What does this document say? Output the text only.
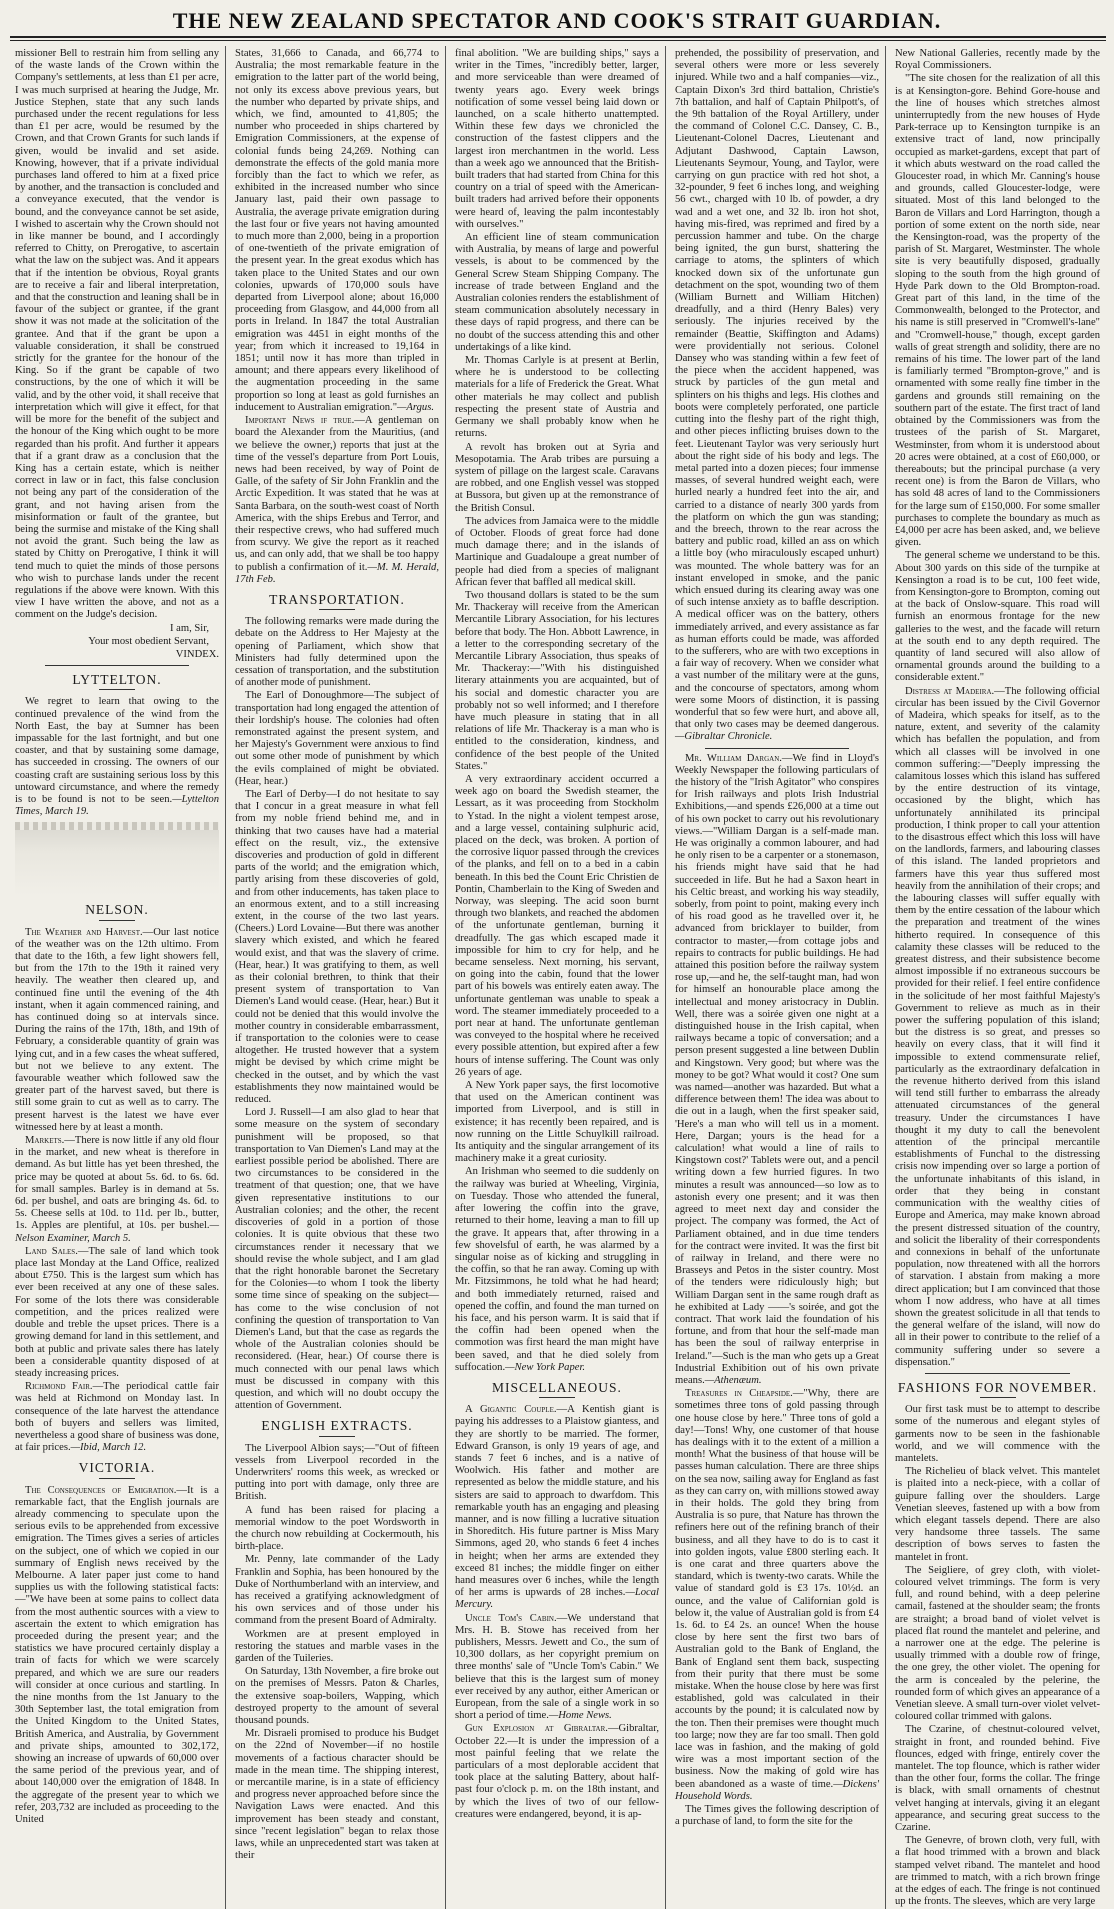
THE NEW ZEALAND SPECTATOR AND COOK'S STRAIT GUARDIAN.

missioner Bell to restrain him from selling any of the waste lands of the Crown within the Company's settlements, at less than £1 per acre, I was much surprised at hearing the Judge, Mr. Justice Stephen, state that any such lands purchased under the recent regulations for less than £1 per acre, would be resumed by the Crown, and that Crown Grants for such lands if given, would be invalid and set aside. Knowing, however, that if a private individual purchases land offered to him at a fixed price by another, and the transaction is concluded and a conveyance executed, that the vendor is bound, and the conveyance cannot be set aside, I wished to ascertain why the Crown should not in like manner be bound, and I accordingly referred to Chitty, on Prerogative, to ascertain what the law on the subject was. And it appears that if the intention be obvious, Royal grants are to receive a fair and liberal interpretation, and that the construction and leaning shall be in favour of the subject or grantee, if the grant show it was not made at the solicitation of the grantee. And that if the grant be upon a valuable consideration, it shall be construed strictly for the grantee for the honour of the King. So if the grant be capable of two constructions, by the one of which it will be valid, and by the other void, it shall receive that interpretation which will give it effect, for that will be more for the benefit of the subject and the honour of the King which ought to be more regarded than his profit. And further it appears that if a grant draw as a conclusion that the King has a certain estate, which is neither correct in law or in fact, this false conclusion not being any part of the consideration of the grant, and not having arisen from the misinformation or fault of the grantee, but being the surmise and mistake of the King shall not avoid the grant. Such being the law as stated by Chitty on Prerogative, I think it will tend much to quiet the minds of those persons who wish to purchase lands under the recent regulations if the above were known. With this view I have written the above, and not as a comment on the Judge's decision.

I am, Sir,

Your most obedient Servant,

VINDEX.

LYTTELTON.

We regret to learn that owing to the continued prevalence of the wind from the North East, the bay at Sumner has been impassable for the last fortnight, and but one coaster, and that by sustaining some damage, has succeeded in crossing. The owners of our coasting craft are sustaining serious loss by this untoward circumstance, and where the remedy is to be found is not to be seen.—Lyttelton Times, March 19.

NELSON.

The Weather and Harvest.—Our last notice of the weather was on the 12th ultimo. From that date to the 16th, a few light showers fell, but from the 17th to the 19th it rained very heavily. The weather then cleared up, and continued fine until the evening of the 4th instant, when it again commenced raining, and has continued doing so at intervals since. During the rains of the 17th, 18th, and 19th of February, a considerable quantity of grain was lying cut, and in a few cases the wheat suffered, but not we believe to any extent. The favourable weather which followed saw the greater part of the harvest saved, but there is still some grain to cut as well as to carry. The present harvest is the latest we have ever witnessed here by at least a month.

Markets.—There is now little if any old flour in the market, and new wheat is therefore in demand. As but little has yet been threshed, the price may be quoted at about 5s. 6d. to 6s. 6d. for small samples. Barley is in demand at 5s. 6d. per bushel, and oats are bringing 4s. 6d. to 5s. Cheese sells at 10d. to 11d. per lb., butter, 1s. Apples are plentiful, at 10s. per bushel.—Nelson Examiner, March 5.

Land Sales.—The sale of land which took place last Monday at the Land Office, realized about £750. This is the largest sum which has ever been received at any one of these sales. For some of the lots there was considerable competition, and the prices realized were double and treble the upset prices. There is a growing demand for land in this settlement, and both at public and private sales there has lately been a considerable quantity disposed of at steady increasing prices.

Richmond Fair.—The periodical cattle fair was held at Richmond on Monday last. In consequence of the late harvest the attendance both of buyers and sellers was limited, nevertheless a good share of business was done, at fair prices.—Ibid, March 12.

VICTORIA.

The Consequences of Emigration.—It is a remarkable fact, that the English journals are already commencing to speculate upon the serious evils to be apprehended from excessive emigration. The Times gives a series of articles on the subject, one of which we copied in our summary of English news received by the Melbourne. A later paper just come to hand supplies us with the following statistical facts:—"We have been at some pains to collect data from the most authentic sources with a view to ascertain the extent to which emigration has proceeded during the present year; and the statistics we have procured certainly display a train of facts for which we were scarcely prepared, and which we are sure our readers will consider at once curious and startling. In the nine months from the 1st January to the 30th September last, the total emigration from the United Kingdom to the United States, British America, and Australia, by Government and private ships, amounted to 302,172, showing an increase of upwards of 60,000 over the same period of the previous year, and of about 140,000 over the emigration of 1848. In the aggregate of the present year to which we refer, 203,732 are included as proceeding to the United

States, 31,666 to Canada, and 66,774 to Australia; the most remarkable feature in the emigration to the latter part of the world being, not only its excess above previous years, but the number who departed by private ships, and which, we find, amounted to 41,805; the number who proceeded in ships chartered by Emigration Commissioners, at the expense of colonial funds being 24,269. Nothing can demonstrate the effects of the gold mania more forcibly than the fact to which we refer, as exhibited in the increased number who since January last, paid their own passage to Australia, the average private emigration during the last four or five years not having amounted to much more than 2,000, being in a proportion of one-twentieth of the private emigration of the present year. In the great exodus which has taken place to the United States and our own colonies, upwards of 170,000 souls have departed from Liverpool alone; about 16,000 proceeding from Glasgow, and 44,000 from all ports in Ireland. In 1847 the total Australian emigration was 4451 in eight months of the year; from which it increased to 19,164 in 1851; until now it has more than tripled in amount; and there appears every likelihood of the augmentation proceeding in the same proportion so long at least as gold furnishes an inducement to Australian emigration."—Argus.

Important News if true.—A gentleman on board the Alexander from the Mauritius, (and we believe the owner,) reports that just at the time of the vessel's departure from Port Louis, news had been received, by way of Point de Galle, of the safety of Sir John Franklin and the Arctic Expedition. It was stated that he was at Santa Barbara, on the south-west coast of North America, with the ships Erebus and Terror, and their respective crews, who had suffered much from scurvy. We give the report as it reached us, and can only add, that we shall be too happy to publish a confirmation of it.—M. M. Herald, 17th Feb.

TRANSPORTATION.

The following remarks were made during the debate on the Address to Her Majesty at the opening of Parliament, which show that Ministers had fully determined upon the cessation of transportation, and the substitution of another mode of punishment.

The Earl of Donoughmore—The subject of transportation had long engaged the attention of their lordship's house. The colonies had often remonstrated against the present system, and her Majesty's Government were anxious to find out some other mode of punishment by which the evils complained of might be obviated. (Hear, hear.)

The Earl of Derby—I do not hesitate to say that I concur in a great measure in what fell from my noble friend behind me, and in thinking that two causes have had a material effect on the result, viz., the extensive discoveries and production of gold in different parts of the world; and the emigration which, partly arising from these discoveries of gold, and from other inducements, has taken place to an enormous extent, and to a still increasing extent, in the course of the two last years. (Cheers.) Lord Lovaine—But there was another slavery which existed, and which he feared would exist, and that was the slavery of crime. (Hear, hear.) It was gratifying to them, as well as their colonial brethren, to think that their present system of transportation to Van Diemen's Land would cease. (Hear, hear.) But it could not be denied that this would involve the mother country in considerable embarrassment, if transportation to the colonies were to cease altogether. He trusted however that a system might be devised by which crime might be checked in the outset, and by which the vast establishments they now maintained would be reduced.

Lord J. Russell—I am also glad to hear that some measure on the system of secondary punishment will be proposed, so that transportation to Van Diemen's Land may at the earliest possible period be abolished. There are two circumstances to be considered in the treatment of that question; one, that we have given representative institutions to our Australian colonies; and the other, the recent discoveries of gold in a portion of those colonies. It is quite obvious that these two circumstances render it necessary that we should revise the whole subject, and I am glad that the right honorable baronet the Secretary for the Colonies—to whom I took the liberty some time since of speaking on the subject—has come to the wise conclusion of not confining the question of transportation to Van Diemen's Land, but that the case as regards the whole of the Australian colonies should be reconsidered. (Hear, hear.) Of course there is much connected with our penal laws which must be discussed in company with this question, and which will no doubt occupy the attention of Government.

ENGLISH EXTRACTS.

The Liverpool Albion says;—"Out of fifteen vessels from Liverpool recorded in the Underwriters' rooms this week, as wrecked or putting into port with damage, only three are British.

A fund has been raised for placing a memorial window to the poet Wordsworth in the church now rebuilding at Cockermouth, his birth-place.

Mr. Penny, late commander of the Lady Franklin and Sophia, has been honoured by the Duke of Northumberland with an interview, and has received a gratifying acknowledgment of his own services and of those under his command from the present Board of Admiralty.

Workmen are at present employed in restoring the statues and marble vases in the garden of the Tuileries.

On Saturday, 13th November, a fire broke out on the premises of Messrs. Paton & Charles, the extensive soap-boilers, Wapping, which destroyed property to the amount of several thousand pounds.

Mr. Disraeli promised to produce his Budget on the 22nd of November—if no hostile movements of a factious character should be made in the mean time. The shipping interest, or mercantile marine, is in a state of efficiency and progress never approached before since the Navigation Laws were enacted. And this improvement has been steady and constant, since "recent legislation" began to relax those laws, while an unprecedented start was taken at their

final abolition. "We are building ships," says a writer in the Times, "incredibly better, larger, and more serviceable than were dreamed of twenty years ago. Every week brings notification of some vessel being laid down or launched, on a scale hitherto unattempted. Within these few days we chronicled the construction of the fastest clippers and the largest iron merchantmen in the world. Less than a week ago we announced that the British-built traders that had started from China for this country on a trial of speed with the American-built traders had arrived before their opponents were heard of, leaving the palm incontestably with ourselves."

An efficient line of steam communication with Australia, by means of large and powerful vessels, is about to be commenced by the General Screw Steam Shipping Company. The increase of trade between England and the Australian colonies renders the establishment of steam communication absolutely necessary in these days of rapid progress, and there can be no doubt of the success attending this and other undertakings of a like kind.

Mr. Thomas Carlyle is at present at Berlin, where he is understood to be collecting materials for a life of Frederick the Great. What other materials he may collect and publish respecting the present state of Austria and Germany we shall probably know when he returns.

A revolt has broken out at Syria and Mesopotamia. The Arab tribes are pursuing a system of pillage on the largest scale. Caravans are robbed, and one English vessel was stopped at Bussora, but given up at the remonstrance of the British Consul.

The advices from Jamaica were to the middle of October. Floods of great force had done much damage there; and in the islands of Martinique and Guadaloupe a great number of people had died from a species of malignant African fever that baffled all medical skill.

Two thousand dollars is stated to be the sum Mr. Thackeray will receive from the American Mercantile Library Association, for his lectures before that body. The Hon. Abbott Lawrence, in a letter to the corresponding secretary of the Mercantile Library Association, thus speaks of Mr. Thackeray:—"With his distinguished literary attainments you are acquainted, but of his social and domestic character you are probably not so well informed; and I therefore have much pleasure in stating that in all relations of life Mr. Thackeray is a man who is entitled to the consideration, kindness, and confidence of the best people of the United States."

A very extraordinary accident occurred a week ago on board the Swedish steamer, the Lessart, as it was proceeding from Stockholm to Ystad. In the night a violent tempest arose, and a large vessel, containing sulphuric acid, placed on the deck, was broken. A portion of the corrosive liquor passed through the crevices of the planks, and fell on to a bed in a cabin beneath. In this bed the Count Eric Christien de Pontin, Chamberlain to the King of Sweden and Norway, was sleeping. The acid soon burnt through two blankets, and reached the abdomen of the unfortunate gentleman, burning it dreadfully. The gas which escaped made it impossible for him to cry for help, and he became senseless. Next morning, his servant, on going into the cabin, found that the lower part of his bowels was entirely eaten away. The unfortunate gentleman was unable to speak a word. The steamer immediately proceeded to a port near at hand. The unfortunate gentleman was conveyed to the hospital where he received every possible attention, but expired after a few hours of intense suffering. The Count was only 26 years of age.

A New York paper says, the first locomotive that used on the American continent was imported from Liverpool, and is still in existence; it has recently been repaired, and is now running on the Little Schuylkill railroad. Its antiquity and the singular arrangement of its machinery make it a great curiosity.

An Irishman who seemed to die suddenly on the railway was buried at Wheeling, Virginia, on Tuesday. Those who attended the funeral, after lowering the coffin into the grave, returned to their home, leaving a man to fill up the grave. It appears that, after throwing in a few shovelsful of earth, he was alarmed by a singular noise as of kicking and struggling in the coffin, so that he ran away. Coming up with Mr. Fitzsimmons, he told what he had heard; and both immediately returned, raised and opened the coffin, and found the man turned on his face, and his person warm. It is said that if the coffin had been opened when the commotion was first heard the man might have been saved, and that he died solely from suffocation.—New York Paper.

MISCELLANEOUS.

A Gigantic Couple.—A Kentish giant is paying his addresses to a Plaistow giantess, and they are shortly to be married. The former, Edward Granson, is only 19 years of age, and stands 7 feet 6 inches, and is a native of Woolwich. His father and mother are represented as below the middle stature, and his sisters are said to approach to dwarfdom. This remarkable youth has an engaging and pleasing manner, and is now filling a lucrative situation in Shoreditch. His future partner is Miss Mary Simmons, aged 20, who stands 6 feet 4 inches in height; when her arms are extended they exceed 81 inches; the middle finger on either hand measures over 6 inches, while the length of her arms is upwards of 28 inches.—Local Mercury.

Uncle Tom's Cabin.—We understand that Mrs. H. B. Stowe has received from her publishers, Messrs. Jewett and Co., the sum of 10,300 dollars, as her copyright premium on three months' sale of "Uncle Tom's Cabin." We believe that this is the largest sum of money ever received by any author, either American or European, from the sale of a single work in so short a period of time.—Home News.

Gun Explosion at Gibraltar.—Gibraltar, October 22.—It is under the impression of a most painful feeling that we relate the particulars of a most deplorable accident that took place at the saluting Battery, about half-past four o'clock p. m. on the 18th instant, and by which the lives of two of our fellow-creatures were endangered, beyond, it is ap-

prehended, the possibility of preservation, and several others were more or less severely injured. While two and a half companies—viz., Captain Dixon's 3rd third battalion, Christie's 7th battalion, and half of Captain Philpott's, of the 9th battalion of the Royal Artillery, under the command of Colonel C.C. Dansey, C. B., Lieutenant-Colonel Dacres, Lieutenant and Adjutant Dashwood, Captain Lawson, Lieutenants Seymour, Young, and Taylor, were carrying on gun practice with red hot shot, a 32-pounder, 9 feet 6 inches long, and weighing 56 cwt., charged with 10 lb. of powder, a dry wad and a wet one, and 32 lb. iron hot shot, having mis-fired, was reprimed and fired by a percussion hammer and tube. On the charge being ignited, the gun burst, shattering the carriage to atoms, the splinters of which knocked down six of the unfortunate gun detachment on the spot, wounding two of them (William Burnett and William Hitchen) dreadfully, and a third (Henry Bales) very seriously. The injuries received by the remainder (Beattie, Skiffington and Adams) were providentially not serious. Colonel Dansey who was standing within a few feet of the piece when the accident happened, was struck by particles of the gun metal and splinters on his thighs and legs. His clothes and boots were completely perforated, one particle cutting into the fleshy part of the right thigh, and other pieces inflicting bruises down to the feet. Lieutenant Taylor was very seriously hurt about the right side of his body and legs. The metal parted into a dozen pieces; four immense masses, of several hundred weight each, were hurled nearly a hundred feet into the air, and carried to a distance of nearly 300 yards from the platform on which the gun was standing; and the breech, thrown to the rear across the battery and public road, killed an ass on which a little boy (who miraculously escaped unhurt) was mounted. The whole battery was for an instant enveloped in smoke, and the panic which ensued during its clearing away was one of such intense anxiety as to baffle description. A medical officer was on the battery, others immediately arrived, and every assistance as far as human efforts could be made, was afforded to the sufferers, who are with two exceptions in a fair way of recovery. When we consider what a vast number of the military were at the guns, and the concourse of spectators, among whom were some Moors of distinction, it is passing wonderful that so few were hurt, and above all, that only two cases may be deemed dangerous.—Gibraltar Chronicle.

Mr. William Dargan.—We find in Lloyd's Weekly Newspaper the following particulars of the history of the "Irish Agitator" who conspires for Irish railways and plots Irish Industrial Exhibitions,—and spends £26,000 at a time out of his own pocket to carry out his revolutionary views.—"William Dargan is a self-made man. He was originally a common labourer, and had he only risen to be a carpenter or a stonemason, his friends might have said that he had succeeded in life. But he had a Saxon heart in his Celtic breast, and working his way steadily, soberly, from point to point, making every inch of his road good as he travelled over it, he advanced from bricklayer to builder, from contractor to master,—from cottage jobs and repairs to contracts for public buildings. He had attained this position before the railway system rose up,—and he, the self-taught man, had won for himself an honourable place among the intellectual and money aristocracy in Dublin. Well, there was a soirée given one night at a distinguished house in the Irish capital, when railways became a topic of conversation; and a person present suggested a line between Dublin and Kingstown. Very good; but where was the money to be got? What would it cost? One sum was named—another was hazarded. But what a difference between them! The idea was about to die out in a laugh, when the first speaker said, 'Here's a man who will tell us in a moment. Here, Dargan; yours is the head for a calculation! what would a line of rails to Kingstown cost?' Tablets were out, and a pencil writing down a few hurried figures. In two minutes a result was announced—so low as to astonish every one present; and it was then agreed to meet next day and consider the project. The company was formed, the Act of Parliament obtained, and in due time tenders for the contract were invited. It was the first bit of railway in Ireland, and there were no Brasseys and Petos in the sister country. Most of the tenders were ridiculously high; but William Dargan sent in the same rough draft as he exhibited at Lady ——'s soirée, and got the contract. That work laid the foundation of his fortune, and from that hour the self-made man has been the soul of railway enterprise in Ireland."—Such is the man who gets up a Great Industrial Exhibition out of his own private means.—Athenæum.

Treasures in Cheapside.—"Why, there are sometimes three tons of gold passing through one house close by here." Three tons of gold a day!—Tons! Why, one customer of that house has dealings with it to the extent of a million a month! What the business of that house will be passes human calculation. There are three ships on the sea now, sailing away for England as fast as they can carry on, with millions stowed away in their holds. The gold they bring from Australia is so pure, that Nature has thrown the refiners here out of the refining branch of their business, and all they have to do is to cast it into golden ingots, value £800 sterling each. It is one carat and three quarters above the standard, which is twenty-two carats. While the value of standard gold is £3 17s. 10½d. an ounce, and the value of Californian gold is below it, the value of Australian gold is from £4 1s. 6d. to £4 2s. an ounce! When the house close by here sent the first two bars of Australian gold to the Bank of England, the Bank of England sent them back, suspecting from their purity that there must be some mistake. When the house close by here was first established, gold was calculated in their accounts by the pound; it is calculated now by the ton. Then their premises were thought much too large; now they are far too small. Then gold lace was in fashion, and the making of gold wire was a most important section of the business. Now the making of gold wire has been abandoned as a waste of time.—Dickens' Household Words.

The Times gives the following description of a purchase of land, to form the site for the

New National Galleries, recently made by the Royal Commissioners.

"The site chosen for the realization of all this is at Kensington-gore. Behind Gore-house and the line of houses which stretches almost uninterruptedly from the new houses of Hyde Park-terrace up to Kensington turnpike is an extensive tract of land, now principally occupied as market-gardens, except that part of it which abuts westward on the road called the Gloucester road, in which Mr. Canning's house and grounds, called Gloucester-lodge, were situated. Most of this land belonged to the Baron de Villars and Lord Harrington, though a portion of some extent on the north side, near the Kensington-road, was the property of the parish of St. Margaret, Westminster. The whole site is very beautifully disposed, gradually sloping to the south from the high ground of Hyde Park down to the Old Brompton-road. Great part of this land, in the time of the Commonwealth, belonged to the Protector, and his name is still preserved in "Cromwell's-lane" and "Cromwell-house," though, except garden walls of great strength and solidity, there are no remains of his time. The lower part of the land is familiarly termed "Brompton-grove," and is ornamented with some really fine timber in the gardens and grounds still remaining on the southern part of the estate. The first tract of land obtained by the Commissioners was from the trustees of the parish of St. Margaret, Westminster, from whom it is understood about 20 acres were obtained, at a cost of £60,000, or thereabouts; but the principal purchase (a very recent one) is from the Baron de Villars, who has sold 48 acres of land to the Commissioners for the large sum of £150,000. For some smaller purchases to complete the boundary as much as £4,000 per acre has been asked, and, we believe given.

The general scheme we understand to be this. About 300 yards on this side of the turnpike at Kensington a road is to be cut, 100 feet wide, from Kensington-gore to Brompton, coming out at the back of Onslow-square. This road will furnish an enormous frontage for the new galleries to the west, and the facade will return at the south end to any depth required. The quantity of land secured will also allow of ornamental grounds around the building to a considerable extent."

Distress at Madeira.—The following official circular has been issued by the Civil Governor of Madeira, which speaks for itself, as to the nature, extent, and severity of the calamity which has befallen the population, and from which all classes will be involved in one common suffering:—"Deeply impressing the calamitous losses which this island has suffered by the entire destruction of its vintage, occasioned by the blight, which has unfortunately annihilated its principal production, I think proper to call your attention to the disastrous effect which this loss will have on the landlords, farmers, and labouring classes of this island. The landed proprietors and farmers have this year thus suffered most heavily from the annihilation of their crops; and the labouring classes will suffer equally with them by the entire cessation of the labour which the preparation and treatment of the wines hitherto required. In consequence of this calamity these classes will be reduced to the greatest distress, and their subsistence become almost impossible if no extraneous succours be provided for their relief. I feel entire confidence in the solicitude of her most faithful Majesty's Government to relieve as much as in their power the suffering population of this island; but the distress is so great, and presses so heavily on every class, that it will find it impossible to extend commensurate relief, particularly as the extraordinary defalcation in the revenue hitherto derived from this island will tend still further to embarrass the already attenuated circumstances of the general treasury. Under the circumstances I have thought it my duty to call the benevolent attention of the principal mercantile establishments of Funchal to the distressing crisis now impending over so large a portion of the unfortunate inhabitants of this island, in order that they being in constant communication with the wealthy cities of Europe and America, may make known abroad the present distressed situation of the country, and solicit the liberality of their correspondents and connexions in behalf of the unfortunate population, now threatened with all the horrors of starvation. I abstain from making a more direct application; but I am convinced that those whom I now address, who have at all times shown the greatest solicitude in all that tends to the general welfare of the island, will now do all in their power to contribute to the relief of a community suffering under so severe a dispensation."

FASHIONS FOR NOVEMBER.

Our first task must be to attempt to describe some of the numerous and elegant styles of garments now to be seen in the fashionable world, and we will commence with the mantelets.

The Richelieu of black velvet. This mantelet is plaited into a neck-piece, with a collar of guipure falling over the shoulders. Large Venetian sleeves, fastened up with a bow from which elegant tassels depend. There are also very handsome three tassels. The same description of bows serves to fasten the mantelet in front.

The Seigliere, of grey cloth, with violet-coloured velvet trimmings. The form is very full, and round behind, with a deep pelerine camail, fastened at the shoulder seam; the fronts are straight; a broad band of violet velvet is placed flat round the mantelet and pelerine, and a narrower one at the edge. The pelerine is usually trimmed with a double row of fringe, the one grey, the other violet. The opening for the arm is concealed by the pelerine, the rounded form of which gives an appearance of a Venetian sleeve. A small turn-over violet velvet-coloured collar trimmed with galons.

The Czarine, of chestnut-coloured velvet, straight in front, and rounded behind. Five flounces, edged with fringe, entirely cover the mantelet. The top flounce, which is rather wider than the other four, forms the collar. The fringe is black, with small ornaments of chestnut velvet hanging at intervals, giving it an elegant appearance, and securing great success to the Czarine.

The Genevre, of brown cloth, very full, with a flat hood trimmed with a brown and black stamped velvet riband. The mantelet and hood are trimmed to match, with a rich brown fringe at the edges of each. The fringe is not continued up the fronts. The sleeves, which are very large
